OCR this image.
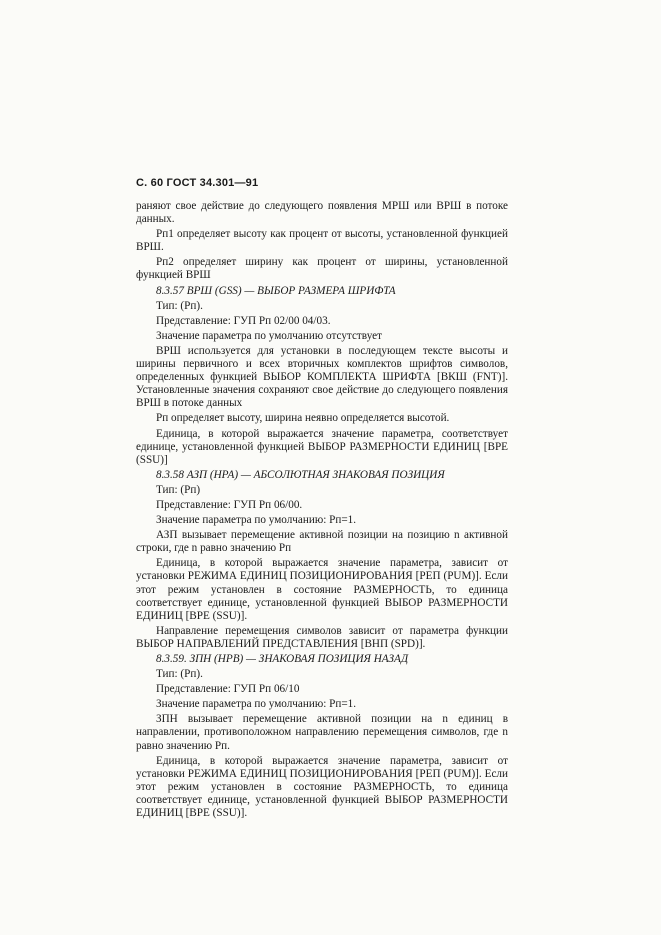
С. 60 ГОСТ 34.301—91

раняют свое действие до следующего появления МРШ или ВРШ в потоке данных.

Рп1 определяет высоту как процент от высоты, установленной функцией ВРШ.

Рп2 определяет ширину как процент от ширины, установленной функцией ВРШ

8.3.57 ВРШ (GSS) — ВЫБОР РАЗМЕРА ШРИФТА

Тип: (Рп).

Представление: ГУП Рп 02/00 04/03.

Значение параметра по умолчанию отсутствует

ВРШ используется для установки в последующем тексте высоты и ширины первичного и всех вторичных комплектов шрифтов символов, определенных функцией ВЫБОР КОМПЛЕКТА ШРИФТА [ВКШ (FNT)]. Установленные значения сохраняют свое действие до следующего появления ВРШ в потоке данных

Рп определяет высоту, ширина неявно определяется высотой.

Единица, в которой выражается значение параметра, соответствует единице, установленной функцией ВЫБОР РАЗМЕРНОСТИ ЕДИНИЦ [ВРЕ (SSU)]

8.3.58 АЗП (НРА) — АБСОЛЮТНАЯ ЗНАКОВАЯ ПОЗИЦИЯ

Тип: (Рп)

Представление: ГУП Рп 06/00.

Значение параметра по умолчанию: Рп=1.

АЗП вызывает перемещение активной позиции на позицию n активной строки, где n равно значению Рп

Единица, в которой выражается значение параметра, зависит от установки РЕЖИМА ЕДИНИЦ ПОЗИЦИОНИРОВАНИЯ [РЕП (PUM)]. Если этот режим установлен в состояние РАЗМЕРНОСТЬ, то единица соответствует единице, установленной функцией ВЫБОР РАЗМЕРНОСТИ ЕДИНИЦ [ВРЕ (SSU)].

Направление перемещения символов зависит от параметра функции ВЫБОР НАПРАВЛЕНИЙ ПРЕДСТАВЛЕНИЯ [ВНП (SPD)].

8.3.59. ЗПН (НРВ) — ЗНАКОВАЯ ПОЗИЦИЯ НАЗАД

Тип: (Рп).

Представление: ГУП Рп 06/10

Значение параметра по умолчанию: Рп=1.

ЗПН вызывает перемещение активной позиции на n единиц в направлении, противоположном направлению перемещения символов, где n равно значению Рп.

Единица, в которой выражается значение параметра, зависит от установки РЕЖИМА ЕДИНИЦ ПОЗИЦИОНИРОВАНИЯ [РЕП (PUM)]. Если этот режим установлен в состояние РАЗМЕРНОСТЬ, то единица соответствует единице, установленной функцией ВЫБОР РАЗМЕРНОСТИ ЕДИНИЦ [ВРЕ (SSU)].
